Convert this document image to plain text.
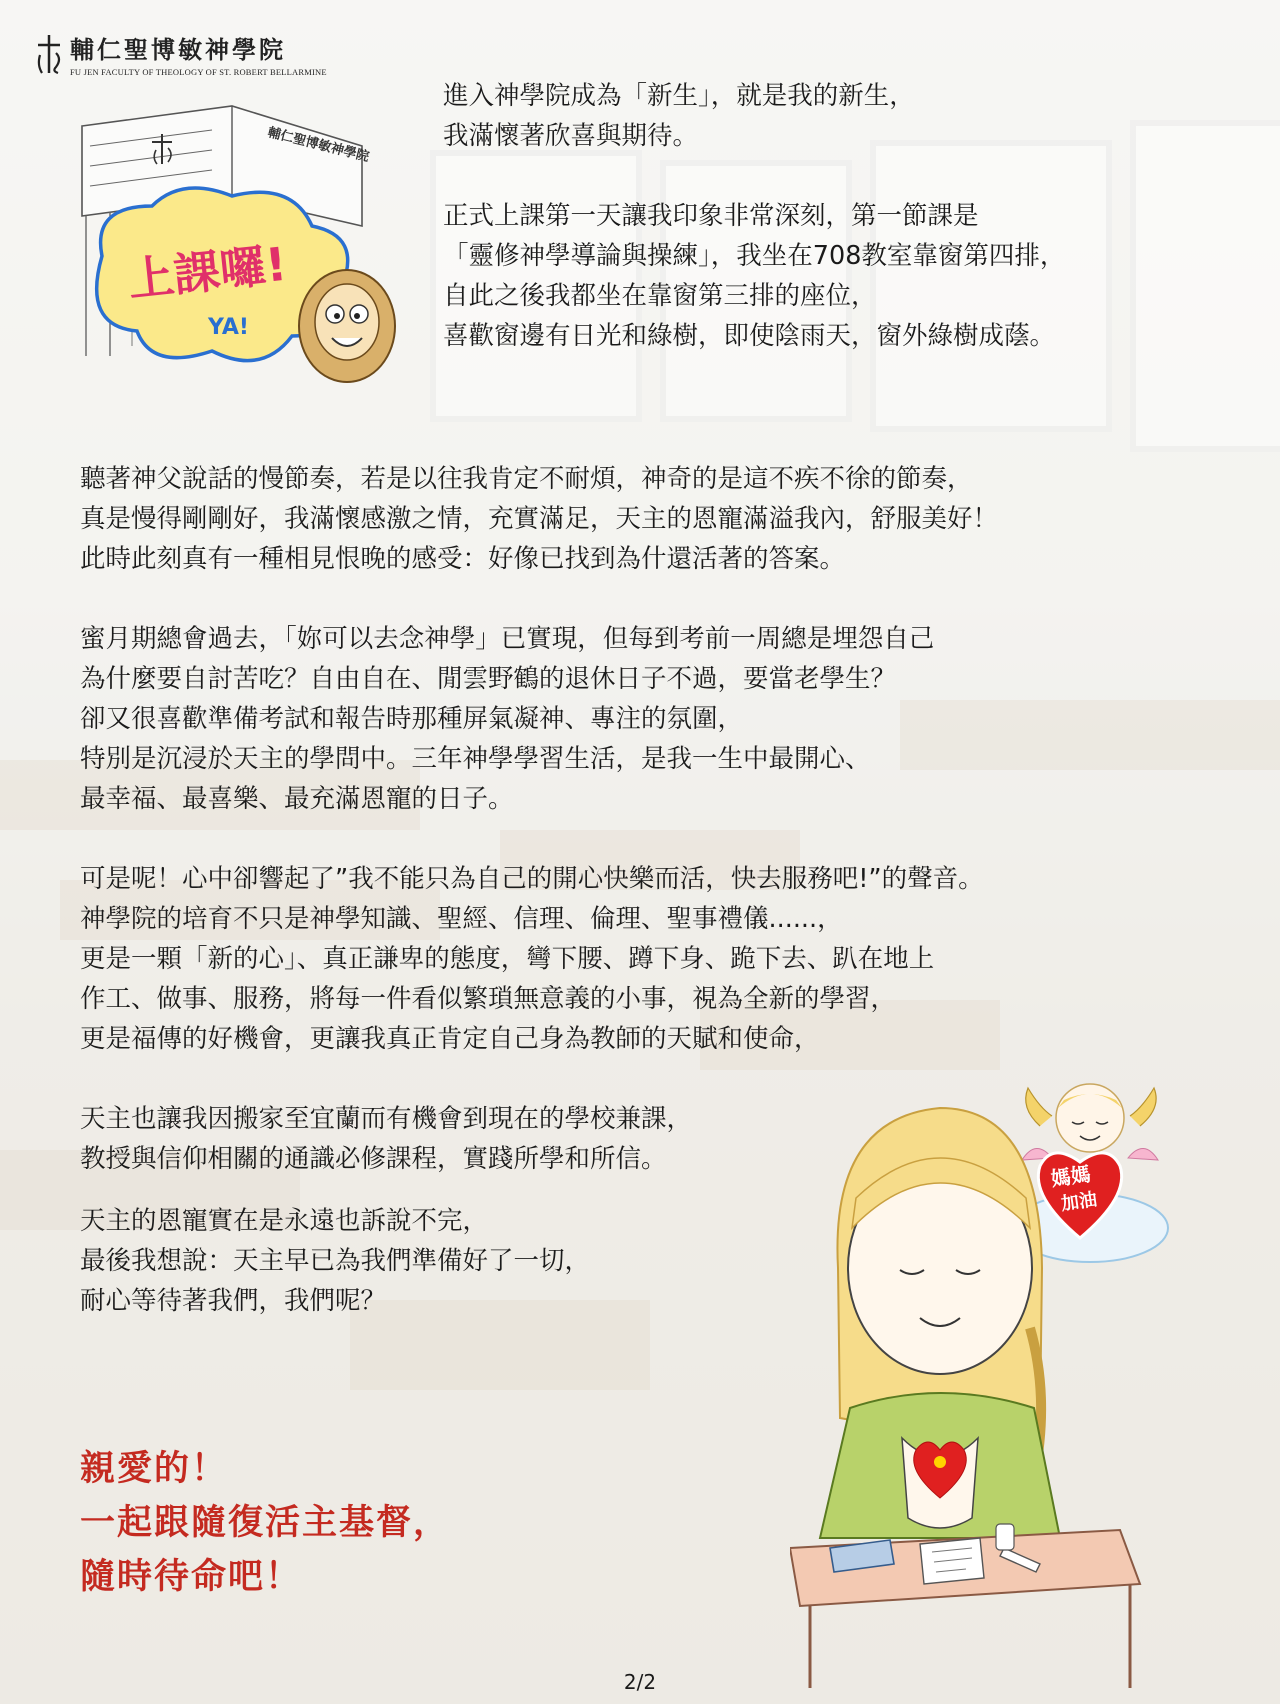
輔仁聖博敏神學院
FU JEN FACULTY OF THEOLOGY OF ST. ROBERT BELLARMINE
輔仁聖博敏神學院
上課囉!
YA!

進入神學院成為「新生」，就是我的新生，

我滿懷著欣喜與期待。

正式上課第一天讓我印象非常深刻，第一節課是

「靈修神學導論與操練」，我坐在708教室靠窗第四排，

自此之後我都坐在靠窗第三排的座位，

喜歡窗邊有日光和綠樹，即使陰雨天，窗外綠樹成蔭。

聽著神父說話的慢節奏，若是以往我肯定不耐煩，神奇的是這不疾不徐的節奏，

真是慢得剛剛好，我滿懷感激之情，充實滿足，天主的恩寵滿溢我內，舒服美好！

此時此刻真有一種相見恨晚的感受：好像已找到為什還活著的答案。

蜜月期總會過去，「妳可以去念神學」已實現，但每到考前一周總是埋怨自己

為什麼要自討苦吃？自由自在、閒雲野鶴的退休日子不過，要當老學生？

卻又很喜歡準備考試和報告時那種屏氣凝神、專注的氛圍，

特別是沉浸於天主的學問中。三年神學學習生活，是我一生中最開心、

最幸福、最喜樂、最充滿恩寵的日子。

可是呢！心中卻響起了”我不能只為自己的開心快樂而活，快去服務吧!”的聲音。

神學院的培育不只是神學知識、聖經、信理、倫理、聖事禮儀......，

更是一顆「新的心」、真正謙卑的態度，彎下腰、蹲下身、跪下去、趴在地上

作工、做事、服務，將每一件看似繁瑣無意義的小事，視為全新的學習，

更是福傳的好機會，更讓我真正肯定自己身為教師的天賦和使命，

天主也讓我因搬家至宜蘭而有機會到現在的學校兼課，

教授與信仰相關的通識必修課程，實踐所學和所信。

天主的恩寵實在是永遠也訴說不完，

最後我想說：天主早已為我們準備好了一切，

耐心等待著我們，我們呢？

親愛的！

一起跟隨復活主基督，

隨時待命吧！

媽媽
加油
2/2
